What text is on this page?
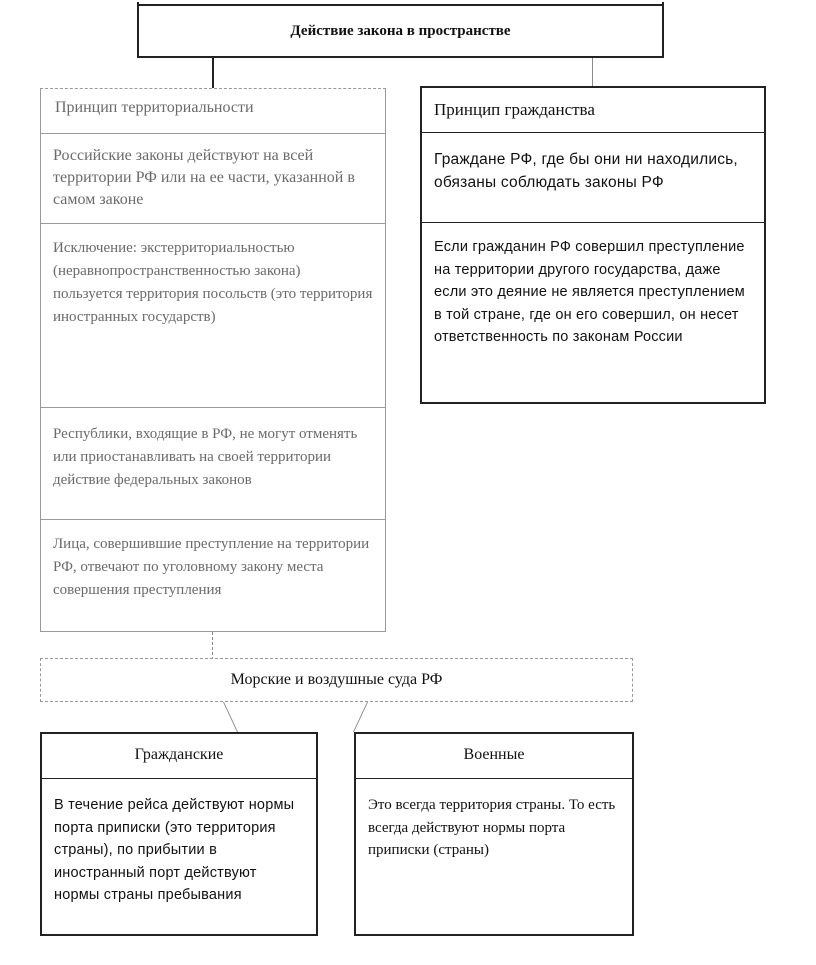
Действие закона в пространстве
Принцип территориальности
Российские законы действуют на всей территории РФ или на ее части, указанной в самом законе
Исключение: экстерриториальностью (неравнопространственностью закона) пользуется территория посольств (это территория иностранных государств)
Республики, входящие в РФ, не могут отменять или приостанавливать на своей территории действие федеральных законов
Лица, совершившие преступление на территории РФ, отвечают по уголовному закону места совершения преступления
Принцип гражданства
Граждане РФ, где бы они ни находились, обязаны соблюдать законы РФ
Если гражданин РФ совершил преступление на территории другого государства, даже если это деяние не является преступлением в той стране, где он его совершил, он несет ответственность по законам России
Морские и воздушные суда РФ
Гражданские
В течение рейса действуют нормы порта приписки (это территория страны), по прибытии в иностранный порт действуют нормы страны пребывания
Военные
Это всегда территория страны. То есть всегда действуют нормы порта приписки (страны)
